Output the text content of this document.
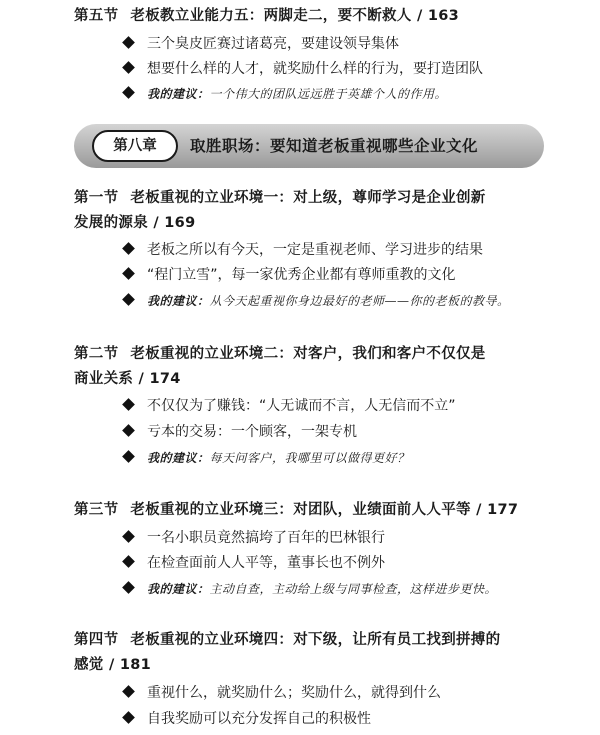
第五节 老板教立业能力五：两脚走二，要不断救人 / 163
三个臭皮匠赛过诸葛亮，要建设领导集体
想要什么样的人才，就奖励什么样的行为，要打造团队
我的建议：一个伟大的团队远远胜于英雄个人的作用。
第八章	取胜职场：要知道老板重视哪些企业文化
第一节 老板重视的立业环境一：对上级，尊师学习是企业创新
发展的源泉 / 169
老板之所以有今天，一定是重视老师、学习进步的结果
“程门立雪”，每一家优秀企业都有尊师重教的文化
我的建议：从今天起重视你身边最好的老师——你的老板的教导。
第二节 老板重视的立业环境二：对客户，我们和客户不仅仅是
商业关系 / 174
不仅仅为了赚钱：“人无诚而不言，人无信而不立”
亏本的交易：一个顾客，一架专机
我的建议：每天问客户，我哪里可以做得更好？
第三节 老板重视的立业环境三：对团队，业绩面前人人平等 / 177
一名小职员竟然搞垮了百年的巴林银行
在检查面前人人平等，董事长也不例外
我的建议：主动自查，主动给上级与同事检查，这样进步更快。
第四节 老板重视的立业环境四：对下级，让所有员工找到拼搏的
感觉 / 181
重视什么，就奖励什么；奖励什么，就得到什么
自我奖励可以充分发挥自己的积极性
